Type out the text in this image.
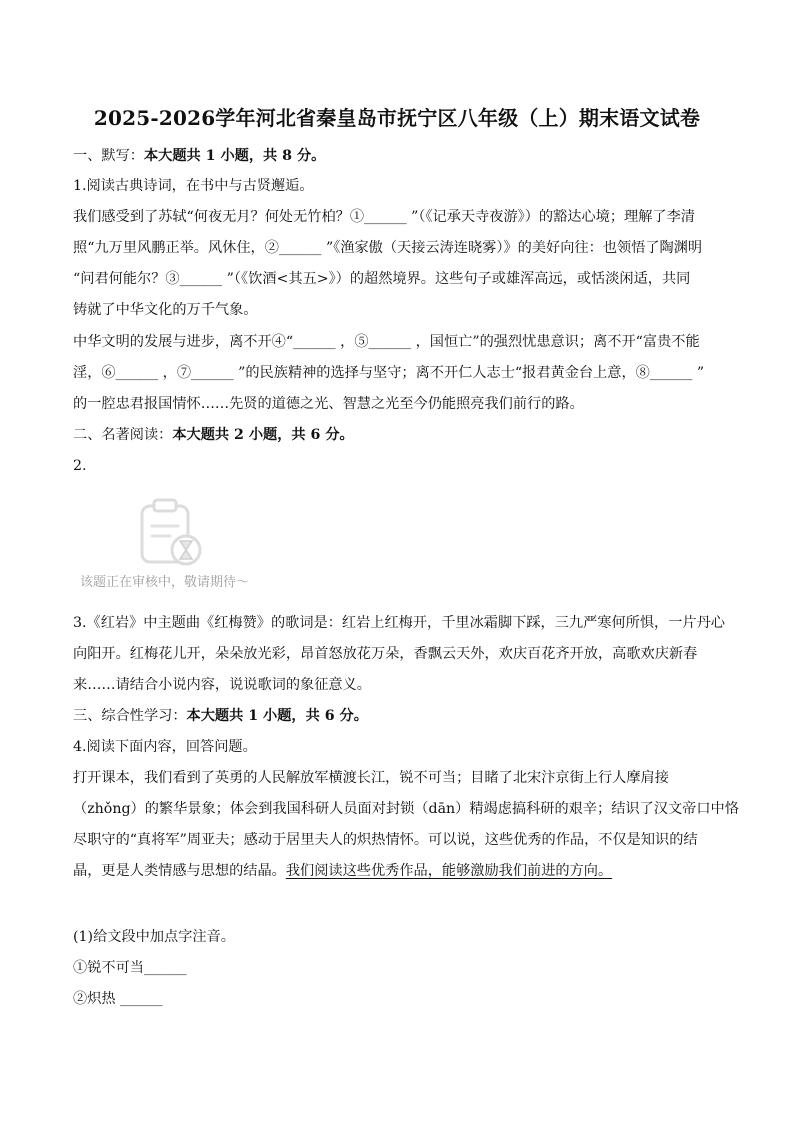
2025-2026学年河北省秦皇岛市抚宁区八年级（上）期末语文试卷
一、默写：本大题共 1 小题，共 8 分。
1.阅读古典诗词，在书中与古贤邂逅。
我们感受到了苏轼“何夜无月？何处无竹柏？①______ ”（《记承天寺夜游》）的豁达心境；理解了李清
照“九万里风鹏正举。风休住，②______ ”《渔家傲（天接云涛连晓雾）》的美好向往：也领悟了陶渊明
“问君何能尔？③______ ”（《饮酒<其五>》）的超然境界。这些句子或雄浑高远，或恬淡闲适，共同
铸就了中华文化的万千气象。
中华文明的发展与进步，离不开④“______ ，⑤______ ，国恒亡”的强烈忧患意识；离不开“富贵不能
淫，⑥______ ，⑦______ ”的民族精神的选择与坚守；离不开仁人志士“报君黄金台上意，⑧______ ”
的一腔忠君报国情怀……先贤的道德之光、智慧之光至今仍能照亮我们前行的路。
二、名著阅读：本大题共 2 小题，共 6 分。
2.
该题正在审核中，敬请期待～
3.《红岩》中主题曲《红梅赞》的歌词是：红岩上红梅开，千里冰霜脚下踩，三九严寒何所惧，一片丹心
向阳开。红梅花儿开，朵朵放光彩，昂首怒放花万朵，香飘云天外，欢庆百花齐开放，高歌欢庆新春
来……请结合小说内容，说说歌词的象征意义。
三、综合性学习：本大题共 1 小题，共 6 分。
4.阅读下面内容，回答问题。
打开课本，我们看到了英勇的人民解放军横渡长江，锐不可当；目睹了北宋汴京街上行人摩肩接
（zhǒng）的繁华景象；体会到我国科研人员面对封锁（dān）精竭虑搞科研的艰辛；结识了汉文帝口中恪
尽职守的“真将军”周亚夫；感动于居里夫人的炽热情怀。可以说，这些优秀的作品，不仅是知识的结
晶，更是人类情感与思想的结晶。我们阅读这些优秀作品，能够激励我们前进的方向。
(1)给文段中加点字注音。
①锐不可当______
②炽热 ______
